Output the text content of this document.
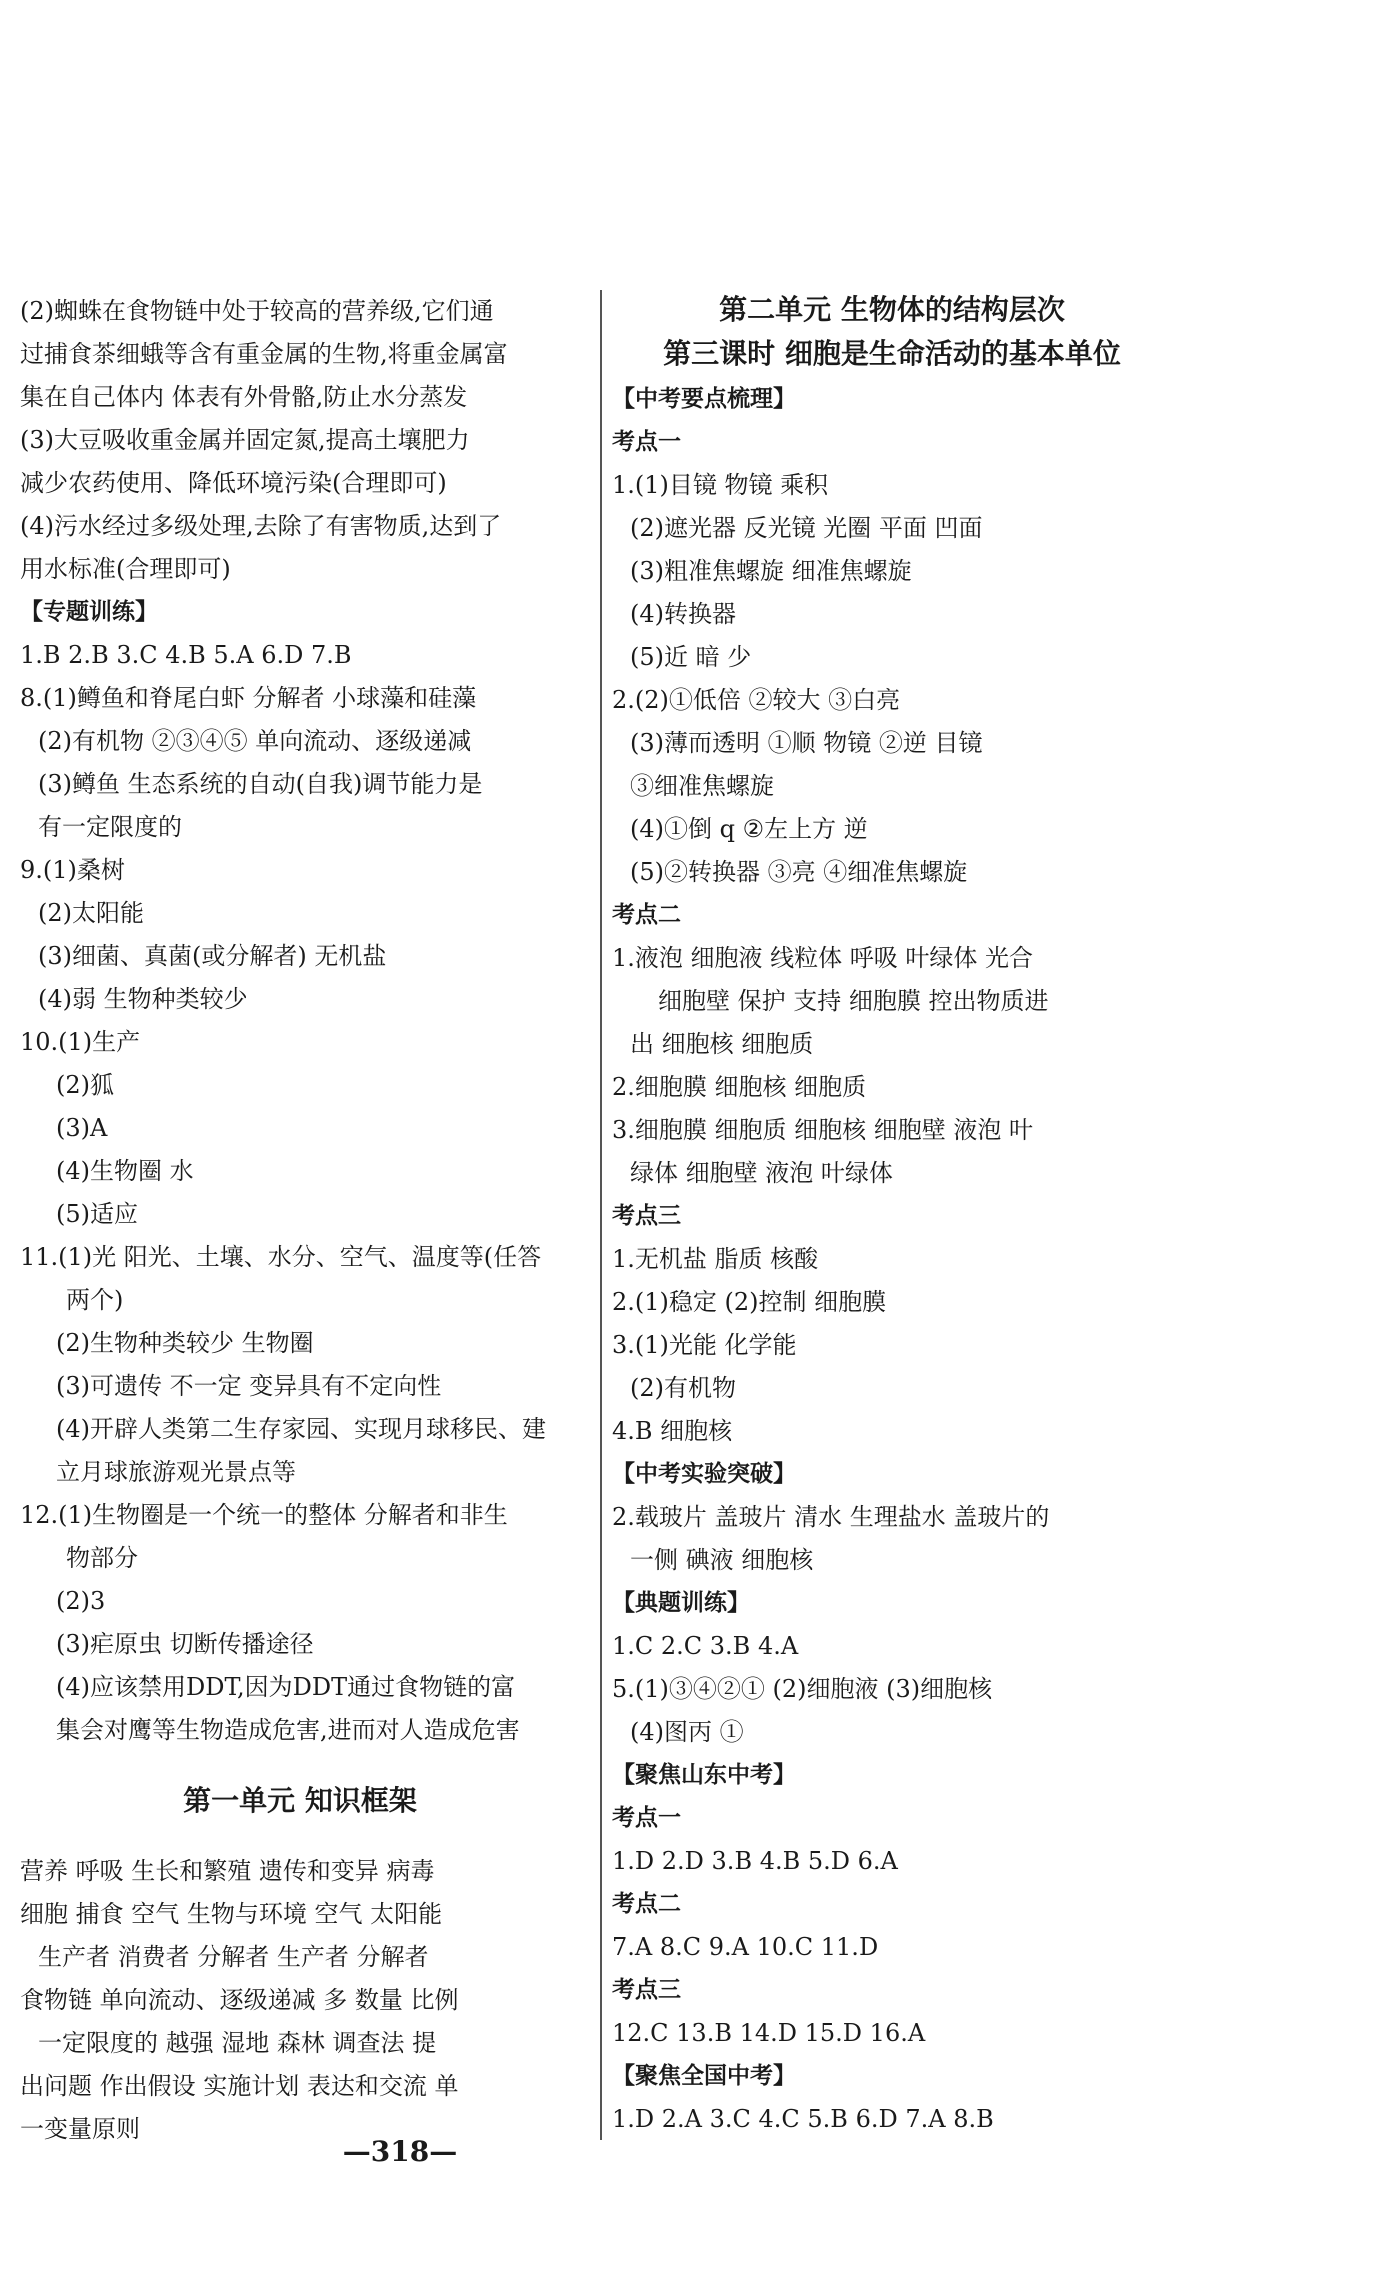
(2)蜘蛛在食物链中处于较高的营养级,它们通
过捕食茶细蛾等含有重金属的生物,将重金属富
集在自己体内 体表有外骨骼,防止水分蒸发
(3)大豆吸收重金属并固定氮,提高土壤肥力
减少农药使用、降低环境污染(合理即可)
(4)污水经过多级处理,去除了有害物质,达到了
用水标准(合理即可)
【专题训练】
1.B 2.B 3.C 4.B 5.A 6.D 7.B
8.(1)鳟鱼和脊尾白虾 分解者 小球藻和硅藻
(2)有机物 ②③④⑤ 单向流动、逐级递减
(3)鳟鱼 生态系统的自动(自我)调节能力是
有一定限度的
9.(1)桑树
(2)太阳能
(3)细菌、真菌(或分解者) 无机盐
(4)弱 生物种类较少
10.(1)生产
(2)狐
(3)A
(4)生物圈 水
(5)适应
11.(1)光 阳光、土壤、水分、空气、温度等(任答
两个)
(2)生物种类较少 生物圈
(3)可遗传 不一定 变异具有不定向性
(4)开辟人类第二生存家园、实现月球移民、建
立月球旅游观光景点等
12.(1)生物圈是一个统一的整体 分解者和非生
物部分
(2)3
(3)疟原虫 切断传播途径
(4)应该禁用DDT,因为DDT通过食物链的富
集会对鹰等生物造成危害,进而对人造成危害
第一单元 知识框架
营养 呼吸 生长和繁殖 遗传和变异 病毒
细胞 捕食 空气 生物与环境 空气 太阳能
生产者 消费者 分解者 生产者 分解者
食物链 单向流动、逐级递减 多 数量 比例
一定限度的 越强 湿地 森林 调查法 提
出问题 作出假设 实施计划 表达和交流 单
一变量原则
第二单元 生物体的结构层次
第三课时 细胞是生命活动的基本单位
【中考要点梳理】
考点一
1.(1)目镜 物镜 乘积
(2)遮光器 反光镜 光圈 平面 凹面
(3)粗准焦螺旋 细准焦螺旋
(4)转换器
(5)近 暗 少
2.(2)①低倍 ②较大 ③白亮
(3)薄而透明 ①顺 物镜 ②逆 目镜
③细准焦螺旋
(4)①倒 q ②左上方 逆
(5)②转换器 ③亮 ④细准焦螺旋
考点二
1.液泡 细胞液 线粒体 呼吸 叶绿体 光合
细胞壁 保护 支持 细胞膜 控出物质进
出 细胞核 细胞质
2.细胞膜 细胞核 细胞质
3.细胞膜 细胞质 细胞核 细胞壁 液泡 叶
绿体 细胞壁 液泡 叶绿体
考点三
1.无机盐 脂质 核酸
2.(1)稳定 (2)控制 细胞膜
3.(1)光能 化学能
(2)有机物
4.B 细胞核
【中考实验突破】
2.载玻片 盖玻片 清水 生理盐水 盖玻片的
一侧 碘液 细胞核
【典题训练】
1.C 2.C 3.B 4.A
5.(1)③④②① (2)细胞液 (3)细胞核
(4)图丙 ①
【聚焦山东中考】
考点一
1.D 2.D 3.B 4.B 5.D 6.A
考点二
7.A 8.C 9.A 10.C 11.D
考点三
12.C 13.B 14.D 15.D 16.A
【聚焦全国中考】
1.D 2.A 3.C 4.C 5.B 6.D 7.A 8.B
—318—
